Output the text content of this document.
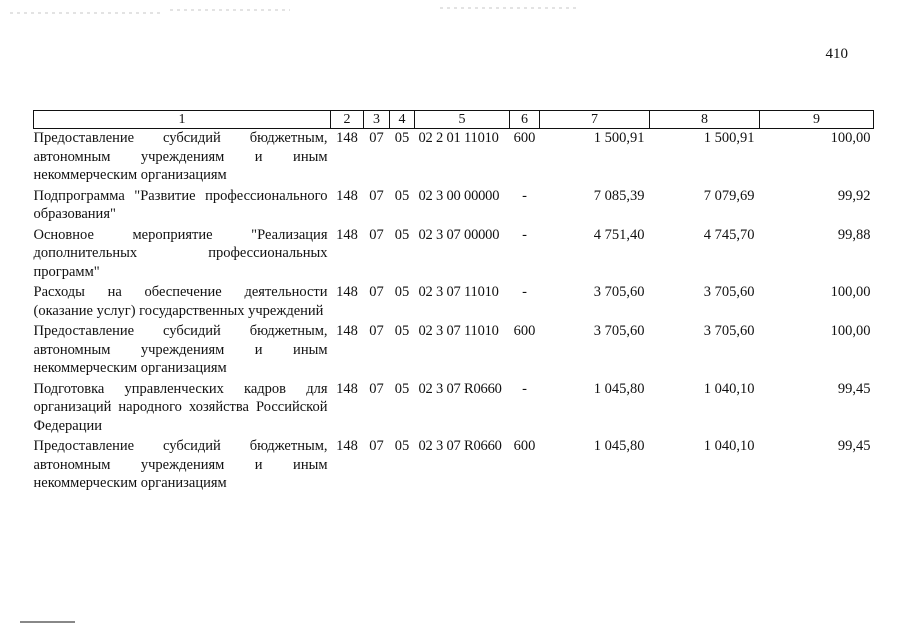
410
1	2	3	4	5	6	7	8	9
Предоставление субсидий бюджетным, автономным учреждениям и иным некоммерческим организациям	148	07	05	02 2 01 11010	600	1 500,91	1 500,91	100,00
Подпрограмма "Развитие профессионального образования"	148	07	05	02 3 00 00000	-	7 085,39	7 079,69	99,92
Основное мероприятие "Реализация дополнительных профессиональных программ"	148	07	05	02 3 07 00000	-	4 751,40	4 745,70	99,88
Расходы на обеспечение деятельности (оказание услуг) государственных учреждений	148	07	05	02 3 07 11010	-	3 705,60	3 705,60	100,00
Предоставление субсидий бюджетным, автономным учреждениям и иным некоммерческим организациям	148	07	05	02 3 07 11010	600	3 705,60	3 705,60	100,00
Подготовка управленческих кадров для организаций народного хозяйства Российской Федерации	148	07	05	02 3 07 R0660	-	1 045,80	1 040,10	99,45
Предоставление субсидий бюджетным, автономным учреждениям и иным некоммерческим организациям	148	07	05	02 3 07 R0660	600	1 045,80	1 040,10	99,45
